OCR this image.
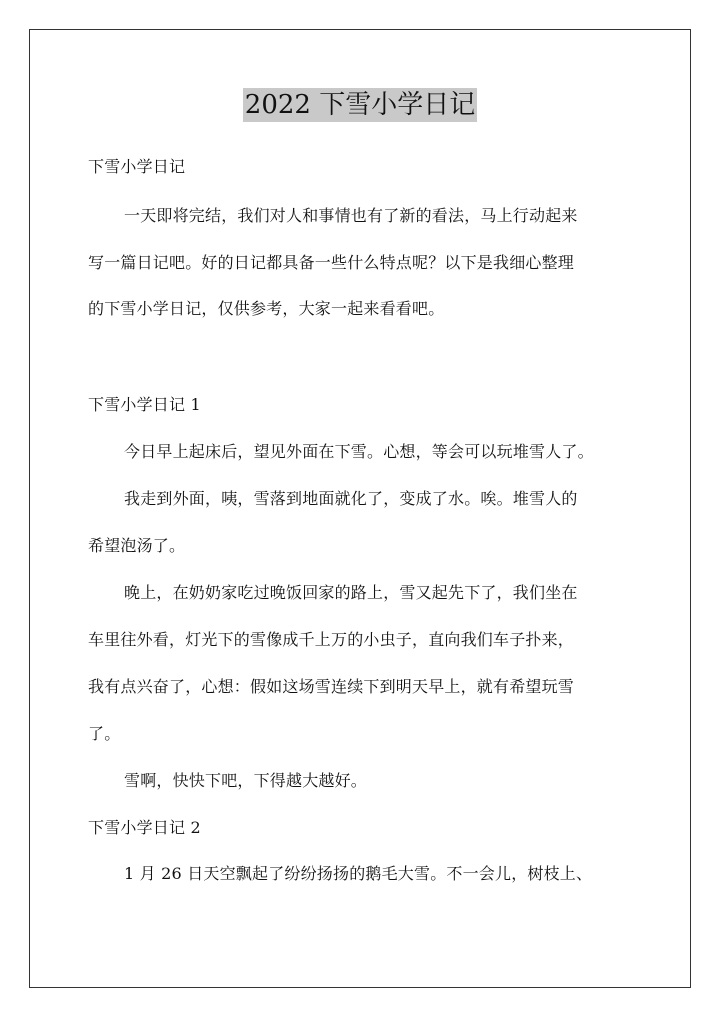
2022 下雪小学日记
下雪小学日记
一天即将完结，我们对人和事情也有了新的看法，马上行动起来
写一篇日记吧。好的日记都具备一些什么特点呢？以下是我细心整理
的下雪小学日记，仅供参考，大家一起来看看吧。
下雪小学日记 1
今日早上起床后，望见外面在下雪。心想，等会可以玩堆雪人了。
我走到外面，咦，雪落到地面就化了，变成了水。唉。堆雪人的
希望泡汤了。
晚上，在奶奶家吃过晚饭回家的路上，雪又起先下了，我们坐在
车里往外看，灯光下的雪像成千上万的小虫子，直向我们车子扑来，
我有点兴奋了，心想：假如这场雪连续下到明天早上，就有希望玩雪
了。
雪啊，快快下吧，下得越大越好。
下雪小学日记 2
1 月 26 日天空飘起了纷纷扬扬的鹅毛大雪。不一会儿，树枝上、
